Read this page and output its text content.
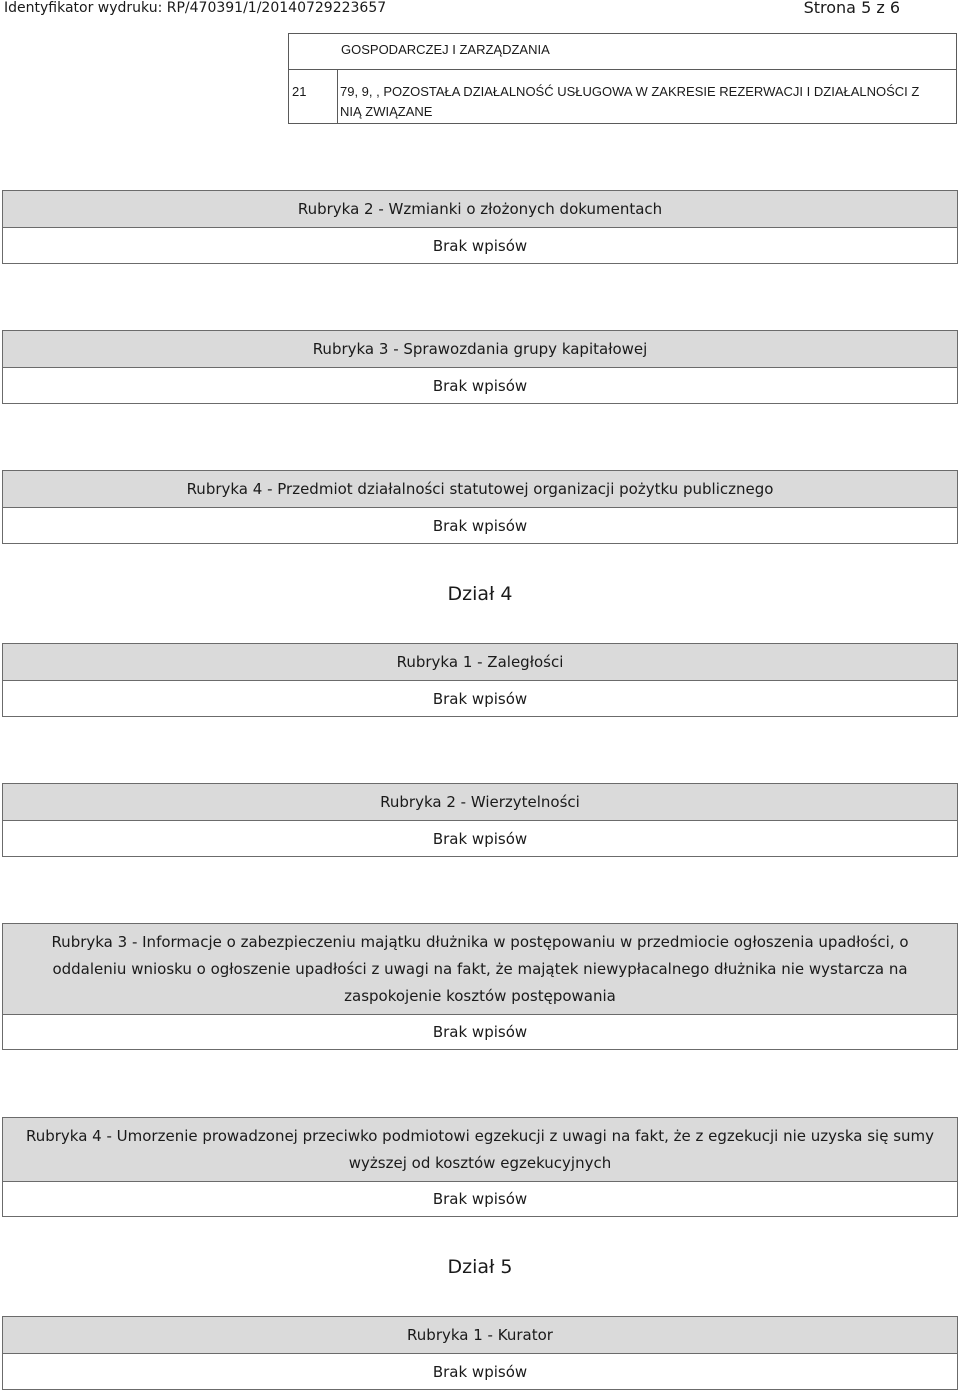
Identyfikator wydruku: RP/470391/1/20140729223657	Strona 5 z 6
GOSPODARCZEJ I ZARZĄDZANIA
21	79, 9, , POZOSTAŁA DZIAŁALNOŚĆ USŁUGOWA W ZAKRESIE REZERWACJI I DZIAŁALNOŚCI Z NIĄ ZWIĄZANE
Rubryka 2 - Wzmianki o złożonych dokumentach
Brak wpisów
Rubryka 3 - Sprawozdania grupy kapitałowej
Brak wpisów
Rubryka 4 - Przedmiot działalności statutowej organizacji pożytku publicznego
Brak wpisów
Dział 4
Rubryka 1 - Zaległości
Brak wpisów
Rubryka 2 - Wierzytelności
Brak wpisów
Rubryka 3 - Informacje o zabezpieczeniu majątku dłużnika w postępowaniu w przedmiocie ogłoszenia upadłości, o oddaleniu wniosku o ogłoszenie upadłości z uwagi na fakt, że majątek niewypłacalnego dłużnika nie wystarcza na zaspokojenie kosztów postępowania
Brak wpisów
Rubryka 4 - Umorzenie prowadzonej przeciwko podmiotowi egzekucji z uwagi na fakt, że z egzekucji nie uzyska się sumy wyższej od kosztów egzekucyjnych
Brak wpisów
Dział 5
Rubryka 1 - Kurator
Brak wpisów
